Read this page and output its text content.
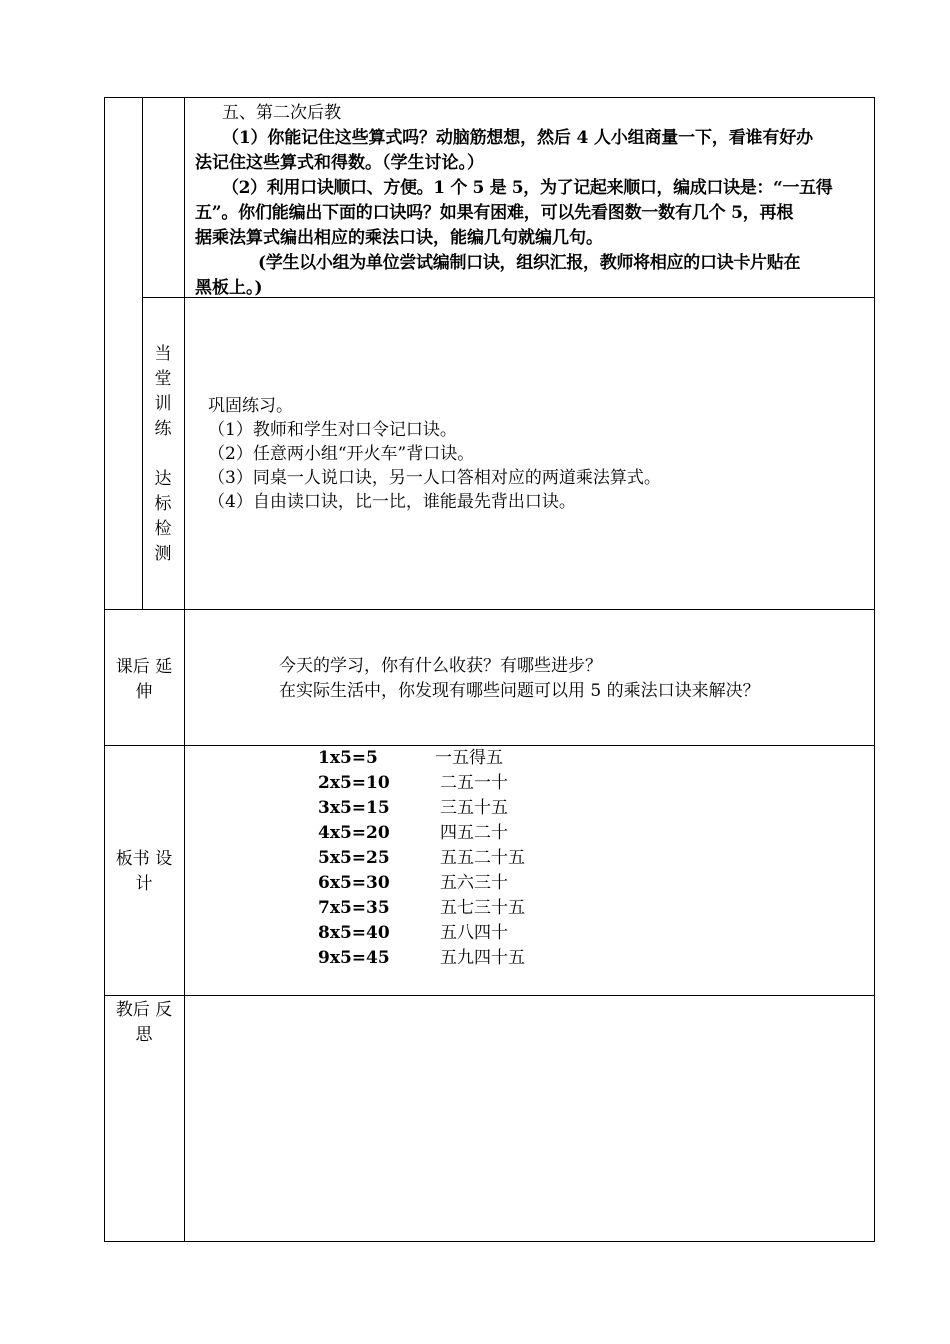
五、第二次后教
（1）你能记住这些算式吗？动脑筋想想，然后 4 人小组商量一下，看谁有好办
法记住这些算式和得数。（学生讨论。）
（2）利用口诀顺口、方便。1 个 5 是 5，为了记起来顺口，编成口诀是：“一五得
五”。你们能编出下面的口诀吗？如果有困难，可以先看图数一数有几个 5，再根
据乘法算式编出相应的乘法口诀，能编几句就编几句。
(学生以小组为单位尝试编制口诀，组织汇报，教师将相应的口诀卡片贴在
黑板上。)
当堂训练
达标检测
巩固练习。
（1）教师和学生对口令记口诀。
（2）任意两小组“开火车”背口诀。
（3）同桌一人说口诀，另一人口答相对应的两道乘法算式。
（4）自由读口诀，比一比，谁能最先背出口诀。
课后 延
伸
今天的学习，你有什么收获？有哪些进步？
在实际生活中，你发现有哪些问题可以用 5 的乘法口诀来解决？
板书 设
计
1x5=5	一五得五
2x5=10	二五一十
3x5=15	三五十五
4x5=20	四五二十
5x5=25	五五二十五
6x5=30	五六三十
7x5=35	五七三十五
8x5=40	五八四十
9x5=45	五九四十五
教后 反
思
